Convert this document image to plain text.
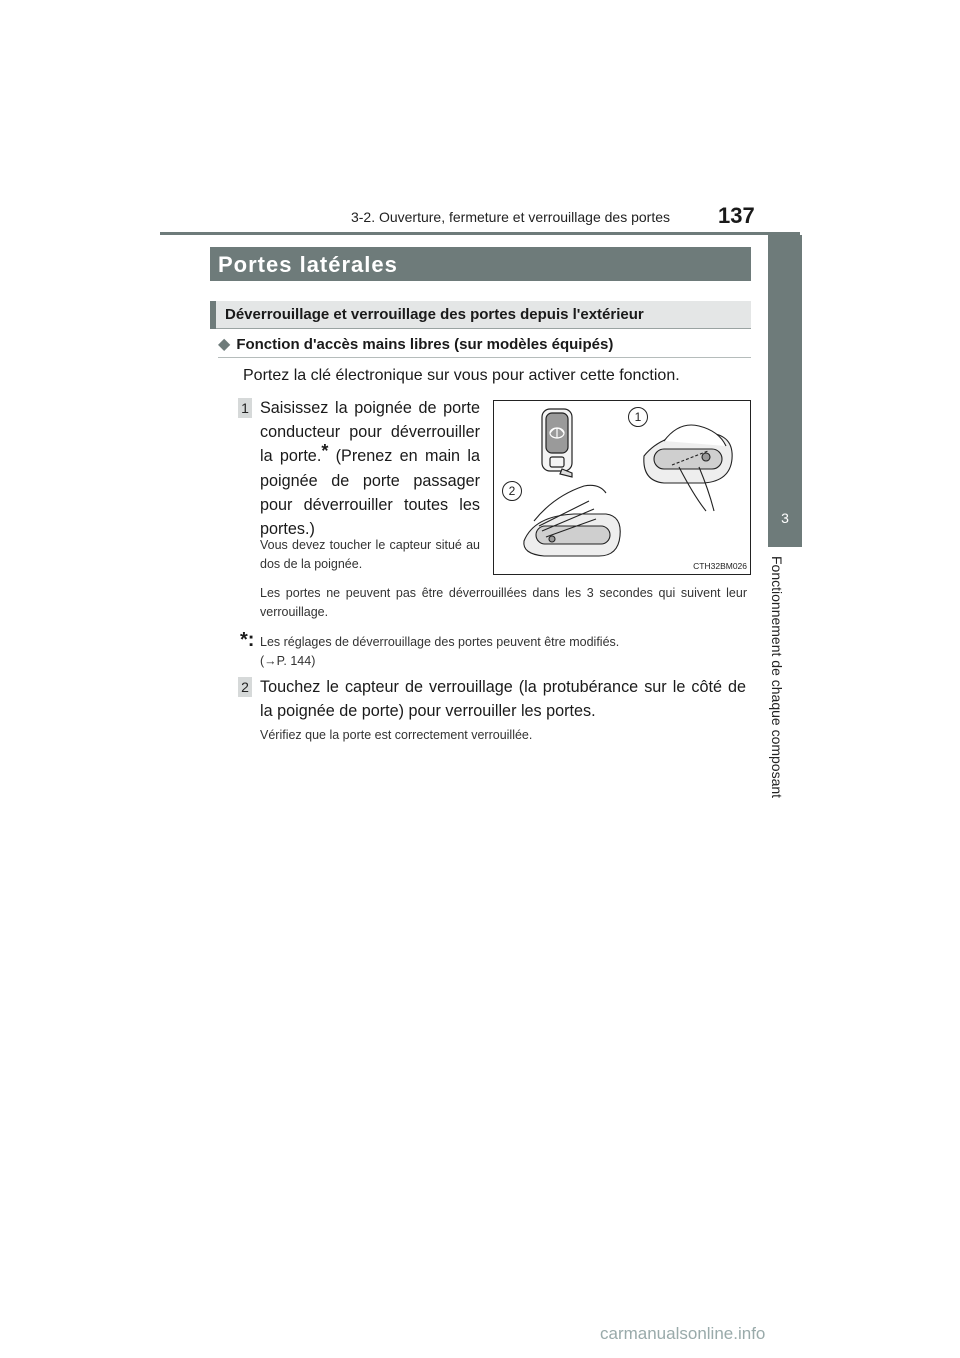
3-2. Ouverture, fermeture et verrouillage des portes 137
3
Fonctionnement de chaque composant
Portes latérales
Déverrouillage et verrouillage des portes depuis l'extérieur
◆ Fonction d'accès mains libres (sur modèles équipés)
Portez la clé électronique sur vous pour activer cette fonction.
1 Saisissez la poignée de porte conducteur pour déverrouiller la porte.* (Prenez en main la poignée de porte passager pour déverrouiller toutes les portes.)
Vous devez toucher le capteur situé au dos de la poignée.
Les portes ne peuvent pas être déverrouillées dans les 3 secondes qui suivent leur verrouillage.
1
2
CTH32BM026
*: Les réglages de déverrouillage des portes peuvent être modifiés.
(→P. 144)
2 Touchez le capteur de verrouillage (la protubérance sur le côté de la poignée de porte) pour verrouiller les portes.
Vérifiez que la porte est correctement verrouillée.
carmanualsonline.info
